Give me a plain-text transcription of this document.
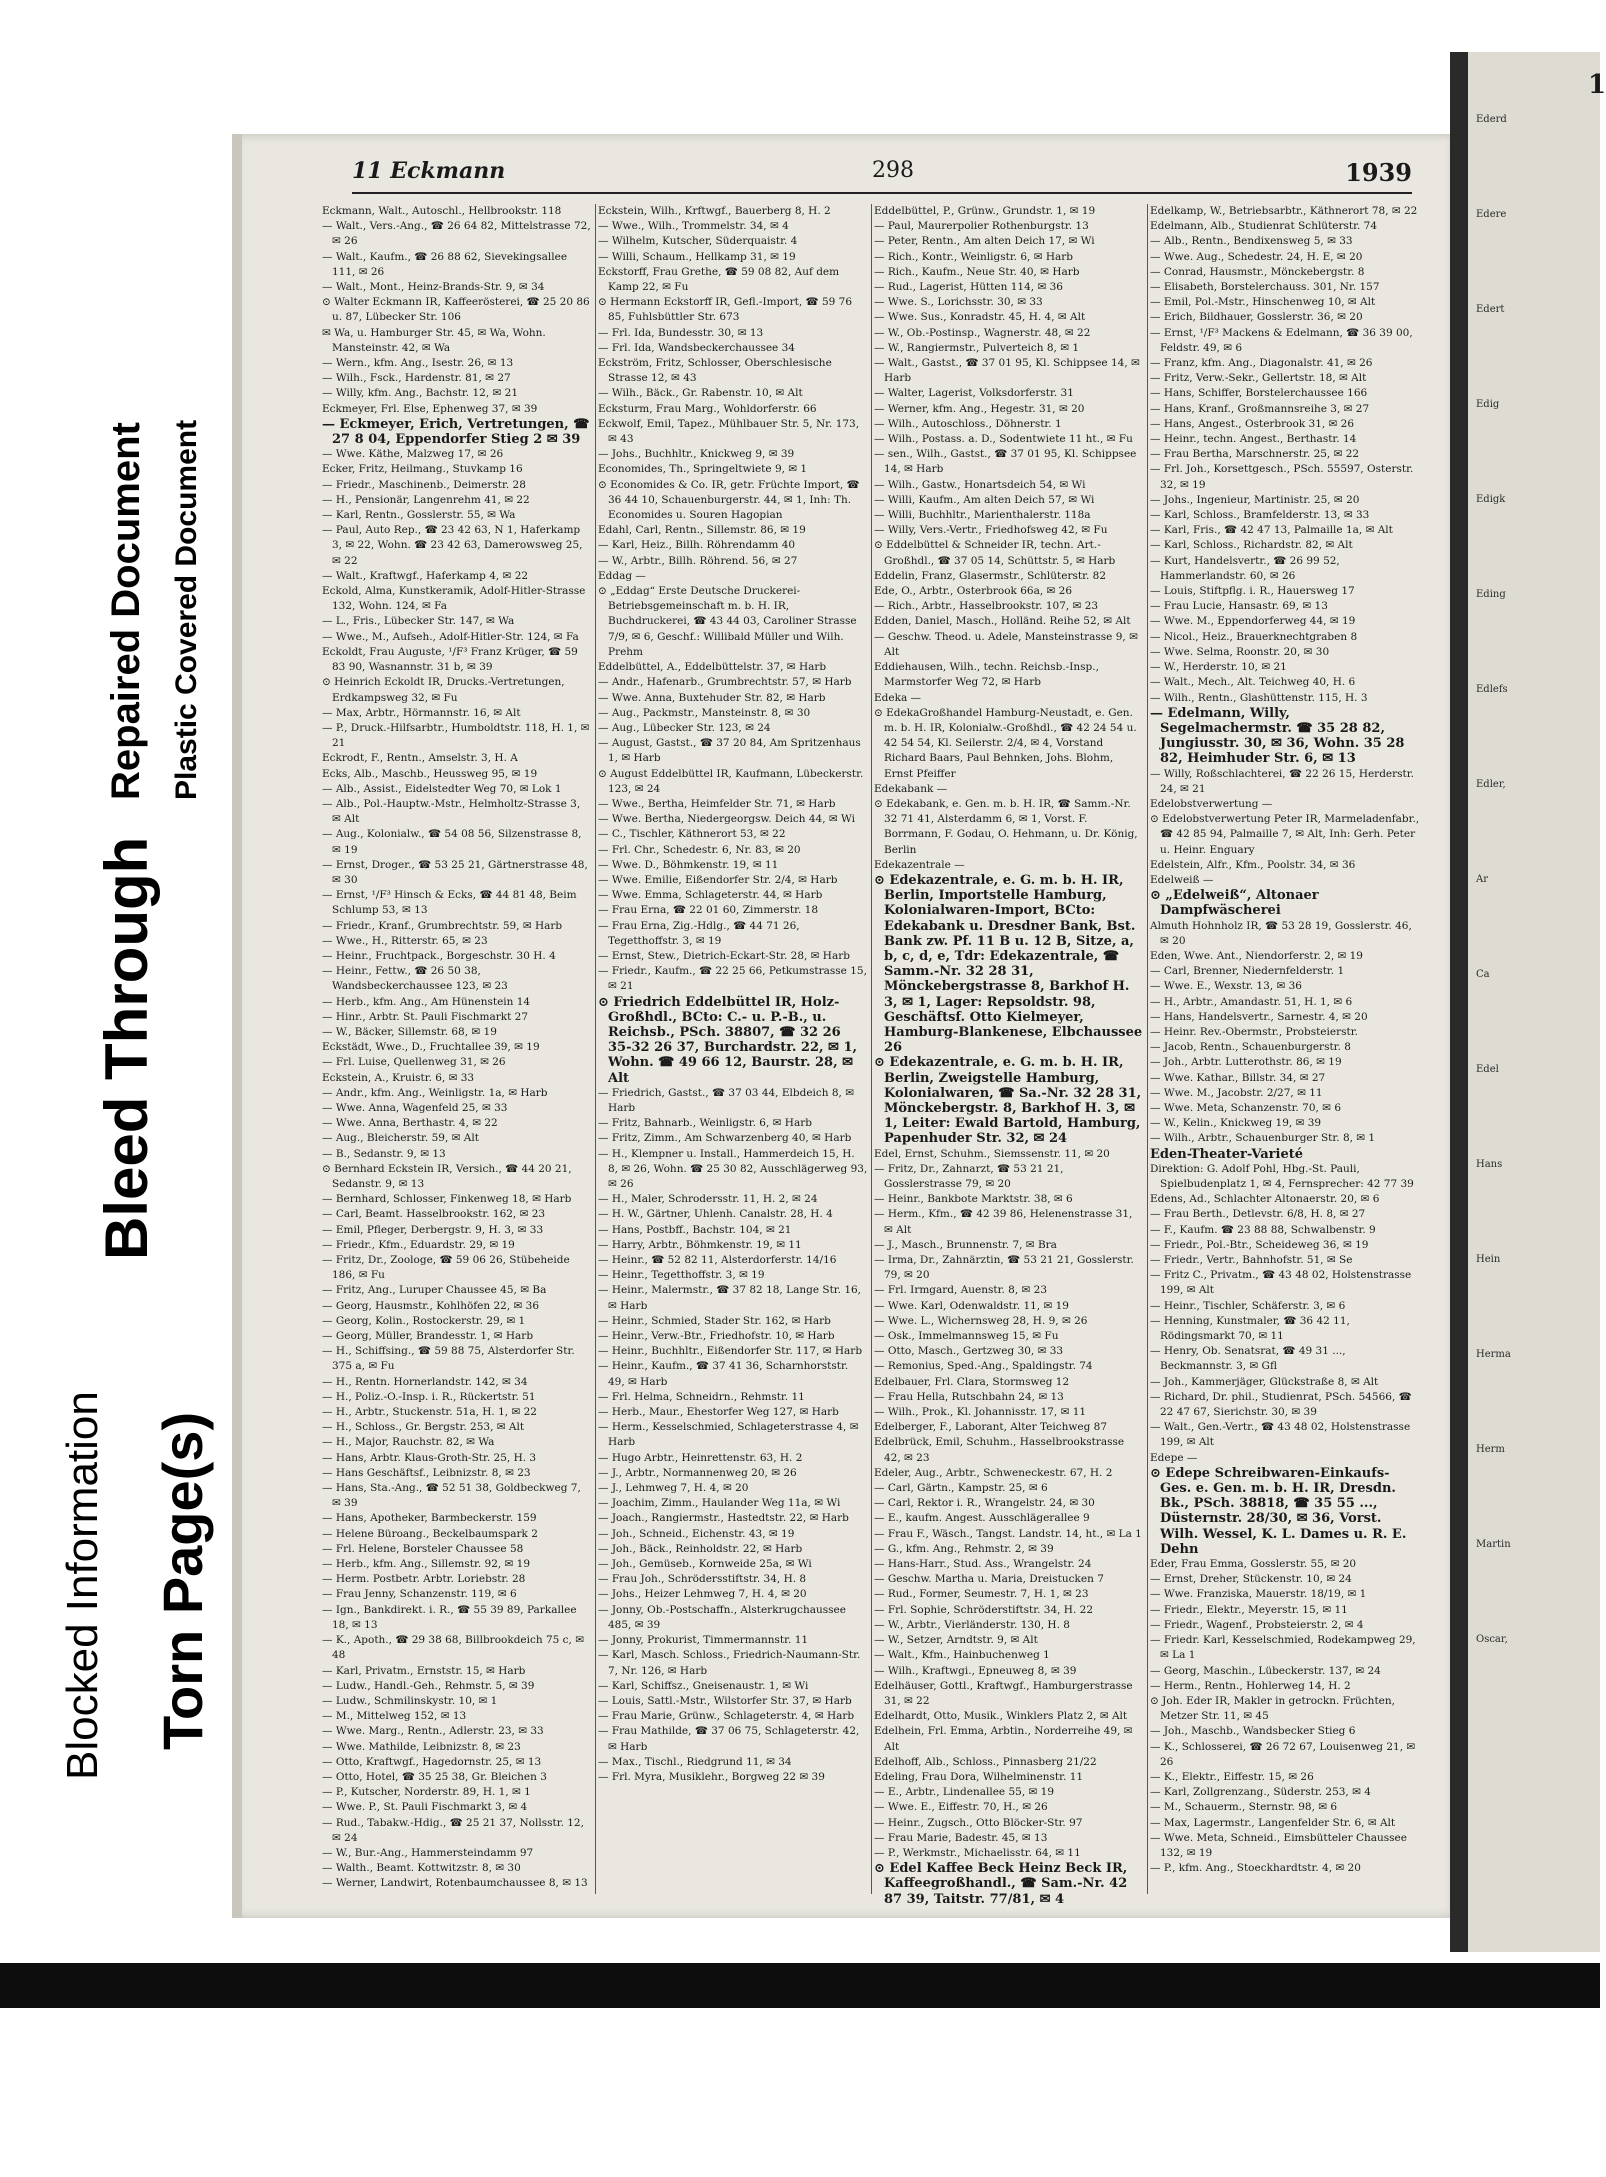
Blocked Information Torn Page(s)
Bleed Through
Repaired Document Plastic Covered Document
11 Eckmann	298	1939

Eckmann, Walt., Autoschl., Hellbrookstr. 118

— Walt., Vers.-Ang., ☎ 26 64 82, Mittelstrasse 72, ✉ 26

— Walt., Kaufm., ☎ 26 88 62, Sievekingsallee 111, ✉ 26

— Walt., Mont., Heinz-Brands-Str. 9, ✉ 34

⊙ Walter Eckmann IR, Kaffeerösterei, ☎ 25 20 86 u. 87, Lübecker Str. 106

✉ Wa, u. Hamburger Str. 45, ✉ Wa, Wohn. Mansteinstr. 42, ✉ Wa

— Wern., kfm. Ang., Isestr. 26, ✉ 13

— Wilh., Fsck., Hardenstr. 81, ✉ 27

— Willy, kfm. Ang., Bachstr. 12, ✉ 21

Eckmeyer, Frl. Else, Ephenweg 37, ✉ 39

— Eckmeyer, Erich, Vertretungen, ☎ 27 8 04, Eppendorfer Stieg 2 ✉ 39

— Wwe. Käthe, Malzweg 17, ✉ 26

Ecker, Fritz, Heilmang., Stuvkamp 16

— Friedr., Maschinenb., Deimerstr. 28

— H., Pensionär, Langenrehm 41, ✉ 22

— Karl, Rentn., Gosslerstr. 55, ✉ Wa

— Paul, Auto Rep., ☎ 23 42 63, N 1, Haferkamp 3, ✉ 22, Wohn. ☎ 23 42 63, Damerowsweg 25, ✉ 22

— Walt., Kraftwgf., Haferkamp 4, ✉ 22

Eckold, Alma, Kunstkeramik, Adolf-Hitler-Strasse 132, Wohn. 124, ✉ Fa

— L., Fris., Lübecker Str. 147, ✉ Wa

— Wwe., M., Aufseh., Adolf-Hitler-Str. 124, ✉ Fa

Eckoldt, Frau Auguste, ¹/F³ Franz Krüger, ☎ 59 83 90, Wasnannstr. 31 b, ✉ 39

⊙ Heinrich Eckoldt IR, Drucks.-Vertretungen, Erdkampsweg 32, ✉ Fu

— Max, Arbtr., Hörmannstr. 16, ✉ Alt

— P., Druck.-Hilfsarbtr., Humboldtstr. 118, H. 1, ✉ 21

Eckrodt, F., Rentn., Amselstr. 3, H. A

Ecks, Alb., Maschb., Heussweg 95, ✉ 19

— Alb., Assist., Eidelstedter Weg 70, ✉ Lok 1

— Alb., Pol.-Hauptw.-Mstr., Helmholtz-Strasse 3, ✉ Alt

— Aug., Kolonialw., ☎ 54 08 56, Silzenstrasse 8, ✉ 19

— Ernst, Droger., ☎ 53 25 21, Gärtnerstrasse 48, ✉ 30

— Ernst, ¹/F³ Hinsch & Ecks, ☎ 44 81 48, Beim Schlump 53, ✉ 13

— Friedr., Kranf., Grumbrechtstr. 59, ✉ Harb

— Wwe., H., Ritterstr. 65, ✉ 23

— Heinr., Fruchtpack., Borgeschstr. 30 H. 4

— Heinr., Fettw., ☎ 26 50 38, Wandsbeckerchaussee 123, ✉ 23

— Herb., kfm. Ang., Am Hünenstein 14

— Hinr., Arbtr. St. Pauli Fischmarkt 27

— W., Bäcker, Sillemstr. 68, ✉ 19

Eckstädt, Wwe., D., Fruchtallee 39, ✉ 19

— Frl. Luise, Quellenweg 31, ✉ 26

Eckstein, A., Kruistr. 6, ✉ 33

— Andr., kfm. Ang., Weinligstr. 1a, ✉ Harb

— Wwe. Anna, Wagenfeld 25, ✉ 33

— Wwe. Anna, Berthastr. 4, ✉ 22

— Aug., Bleicherstr. 59, ✉ Alt

— B., Sedanstr. 9, ✉ 13

⊙ Bernhard Eckstein IR, Versich., ☎ 44 20 21, Sedanstr. 9, ✉ 13

— Bernhard, Schlosser, Finkenweg 18, ✉ Harb

— Carl, Beamt. Hasselbrookstr. 162, ✉ 23

— Emil, Pfleger, Derbergstr. 9, H. 3, ✉ 33

— Friedr., Kfm., Eduardstr. 29, ✉ 19

— Fritz, Dr., Zoologe, ☎ 59 06 26, Stübeheide 186, ✉ Fu

— Fritz, Ang., Luruper Chaussee 45, ✉ Ba

— Georg, Hausmstr., Kohlhöfen 22, ✉ 36

— Georg, Kolin., Rostockerstr. 29, ✉ 1

— Georg, Müller, Brandesstr. 1, ✉ Harb

— H., Schiffsing., ☎ 59 88 75, Alsterdorfer Str. 375 a, ✉ Fu

— H., Rentn. Hornerlandstr. 142, ✉ 34

— H., Poliz.-O.-Insp. i. R., Rückertstr. 51

— H., Arbtr., Stuckenstr. 51a, H. 1, ✉ 22

— H., Schloss., Gr. Bergstr. 253, ✉ Alt

— H., Major, Rauchstr. 82, ✉ Wa

— Hans, Arbtr. Klaus-Groth-Str. 25, H. 3

— Hans Geschäftsf., Leibnizstr. 8, ✉ 23

— Hans, Sta.-Ang., ☎ 52 51 38, Goldbeckweg 7, ✉ 39

— Hans, Apotheker, Barmbeckerstr. 159

— Helene Büroang., Beckelbaumspark 2

— Frl. Helene, Borsteler Chaussee 58

— Herb., kfm. Ang., Sillemstr. 92, ✉ 19

— Herm. Postbetr. Arbtr. Loriebstr. 28

— Frau Jenny, Schanzenstr. 119, ✉ 6

— Ign., Bankdirekt. i. R., ☎ 55 39 89, Parkallee 18, ✉ 13

— K., Apoth., ☎ 29 38 68, Billbrookdeich 75 c, ✉ 48

— Karl, Privatm., Ernststr. 15, ✉ Harb

— Ludw., Handl.-Geh., Rehmstr. 5, ✉ 39

— Ludw., Schmilinskystr. 10, ✉ 1

— M., Mittelweg 152, ✉ 13

— Wwe. Marg., Rentn., Adlerstr. 23, ✉ 33

— Wwe. Mathilde, Leibnizstr. 8, ✉ 23

— Otto, Kraftwgf., Hagedornstr. 25, ✉ 13

— Otto, Hotel, ☎ 35 25 38, Gr. Bleichen 3

— P., Kutscher, Norderstr. 89, H. 1, ✉ 1

— Wwe. P., St. Pauli Fischmarkt 3, ✉ 4

— Rud., Tabakw.-Hdig., ☎ 25 21 37, Nollsstr. 12, ✉ 24

— W., Bur.-Ang., Hammersteindamm 97

— Walth., Beamt. Kottwitzstr. 8, ✉ 30

— Werner, Landwirt, Rotenbaumchaussee 8, ✉ 13

Eckstein, Wilh., Krftwgf., Bauerberg 8, H. 2

— Wwe., Wilh., Trommelstr. 34, ✉ 4

— Wilhelm, Kutscher, Süderquaistr. 4

— Willi, Schaum., Hellkamp 31, ✉ 19

Eckstorff, Frau Grethe, ☎ 59 08 82, Auf dem Kamp 22, ✉ Fu

⊙ Hermann Eckstorff IR, Gefl.-Import, ☎ 59 76 85, Fuhlsbüttler Str. 673

— Frl. Ida, Bundesstr. 30, ✉ 13

— Frl. Ida, Wandsbeckerchaussee 34

Eckström, Fritz, Schlosser, Oberschlesische Strasse 12, ✉ 43

— Wilh., Bäck., Gr. Rabenstr. 10, ✉ Alt

Ecksturm, Frau Marg., Wohldorferstr. 66

Eckwolf, Emil, Tapez., Mühlbauer Str. 5, Nr. 173, ✉ 43

— Johs., Buchhltr., Knickweg 9, ✉ 39

Economides, Th., Springeltwiete 9, ✉ 1

⊙ Economides & Co. IR, getr. Früchte Import, ☎ 36 44 10, Schauenburgerstr. 44, ✉ 1, Inh: Th. Economides u. Souren Hagopian

Edahl, Carl, Rentn., Sillemstr. 86, ✉ 19

— Karl, Heiz., Billh. Röhrendamm 40

— W., Arbtr., Billh. Röhrend. 56, ✉ 27

Eddag —

⊙ „Eddag“ Erste Deutsche Druckerei-Betriebsgemeinschaft m. b. H. IR, Buchdruckerei, ☎ 43 44 03, Caroliner Strasse 7/9, ✉ 6, Geschf.: Willibald Müller und Wilh. Prehm

Eddelbüttel, A., Eddelbüttelstr. 37, ✉ Harb

— Andr., Hafenarb., Grumbrechtstr. 57, ✉ Harb

— Wwe. Anna, Buxtehuder Str. 82, ✉ Harb

— Aug., Packmstr., Mansteinstr. 8, ✉ 30

— Aug., Lübecker Str. 123, ✉ 24

— August, Gastst., ☎ 37 20 84, Am Spritzenhaus 1, ✉ Harb

⊙ August Eddelbüttel IR, Kaufmann, Lübeckerstr. 123, ✉ 24

— Wwe., Bertha, Heimfelder Str. 71, ✉ Harb

— Wwe. Bertha, Niedergeorgsw. Deich 44, ✉ Wi

— C., Tischler, Käthnerort 53, ✉ 22

— Frl. Chr., Schedestr. 6, Nr. 83, ✉ 20

— Wwe. D., Böhmkenstr. 19, ✉ 11

— Wwe. Emilie, Eißendorfer Str. 2/4, ✉ Harb

— Wwe. Emma, Schlageterstr. 44, ✉ Harb

— Frau Erna, ☎ 22 01 60, Zimmerstr. 18

— Frau Erna, Zig.-Hdlg., ☎ 44 71 26, Tegetthoffstr. 3, ✉ 19

— Ernst, Stew., Dietrich-Eckart-Str. 28, ✉ Harb

— Friedr., Kaufm., ☎ 22 25 66, Petkumstrasse 15, ✉ 21

⊙ Friedrich Eddelbüttel IR, Holz-Großhdl., BCto: C.- u. P.-B., u. Reichsb., PSch. 38807, ☎ 32 26 35-32 26 37, Burchardstr. 22, ✉ 1, Wohn. ☎ 49 66 12, Baurstr. 28, ✉ Alt

— Friedrich, Gastst., ☎ 37 03 44, Elbdeich 8, ✉ Harb

— Fritz, Bahnarb., Weinligstr. 6, ✉ Harb

— Fritz, Zimm., Am Schwarzenberg 40, ✉ Harb

— H., Klempner u. Install., Hammerdeich 15, H. 8, ✉ 26, Wohn. ☎ 25 30 82, Ausschlägerweg 93, ✉ 26

— H., Maler, Schrodersstr. 11, H. 2, ✉ 24

— H. W., Gärtner, Uhlenh. Canalstr. 28, H. 4

— Hans, Postbff., Bachstr. 104, ✉ 21

— Harry, Arbtr., Böhmkenstr. 19, ✉ 11

— Heinr., ☎ 52 82 11, Alsterdorferstr. 14/16

— Heinr., Tegetthoffstr. 3, ✉ 19

— Heinr., Malermstr., ☎ 37 82 18, Lange Str. 16, ✉ Harb

— Heinr., Schmied, Stader Str. 162, ✉ Harb

— Heinr., Verw.-Btr., Friedhofstr. 10, ✉ Harb

— Heinr., Buchhltr., Eißendorfer Str. 117, ✉ Harb

— Heinr., Kaufm., ☎ 37 41 36, Scharnhorststr. 49, ✉ Harb

— Frl. Helma, Schneidrn., Rehmstr. 11

— Herb., Maur., Ehestorfer Weg 127, ✉ Harb

— Herm., Kesselschmied, Schlageterstrasse 4, ✉ Harb

— Hugo Arbtr., Heinrettenstr. 63, H. 2

— J., Arbtr., Normannenweg 20, ✉ 26

— J., Lehmweg 7, H. 4, ✉ 20

— Joachim, Zimm., Haulander Weg 11a, ✉ Wi

— Joach., Rangiermstr., Hastedtstr. 22, ✉ Harb

— Joh., Schneid., Eichenstr. 43, ✉ 19

— Joh., Bäck., Reinholdstr. 22, ✉ Harb

— Joh., Gemüseb., Kornweide 25a, ✉ Wi

— Frau Joh., Schrödersstiftstr. 34, H. 8

— Johs., Heizer Lehmweg 7, H. 4, ✉ 20

— Jonny, Ob.-Postschaffn., Alsterkrugchaussee 485, ✉ 39

— Jonny, Prokurist, Timmermannstr. 11

— Karl, Masch. Schloss., Friedrich-Naumann-Str. 7, Nr. 126, ✉ Harb

— Karl, Schiffsz., Gneisenaustr. 1, ✉ Wi

— Louis, Sattl.-Mstr., Wilstorfer Str. 37, ✉ Harb

— Frau Marie, Grünw., Schlageterstr. 4, ✉ Harb

— Frau Mathilde, ☎ 37 06 75, Schlageterstr. 42, ✉ Harb

— Max., Tischl., Riedgrund 11, ✉ 34

— Frl. Myra, Musiklehr., Borgweg 22 ✉ 39

Eddelbüttel, P., Grünw., Grundstr. 1, ✉ 19

— Paul, Maurerpolier Rothenburgstr. 13

— Peter, Rentn., Am alten Deich 17, ✉ Wi

— Rich., Kontr., Weinligstr. 6, ✉ Harb

— Rich., Kaufm., Neue Str. 40, ✉ Harb

— Rud., Lagerist, Hütten 114, ✉ 36

— Wwe. S., Lorichsstr. 30, ✉ 33

— Wwe. Sus., Konradstr. 45, H. 4, ✉ Alt

— W., Ob.-Postinsp., Wagnerstr. 48, ✉ 22

— W., Rangiermstr., Pulverteich 8, ✉ 1

— Walt., Gastst., ☎ 37 01 95, Kl. Schippsee 14, ✉ Harb

— Walter, Lagerist, Volksdorferstr. 31

— Werner, kfm. Ang., Hegestr. 31, ✉ 20

— Wilh., Autoschloss., Döhnerstr. 1

— Wilh., Postass. a. D., Sodentwiete 11 ht., ✉ Fu

— sen., Wilh., Gastst., ☎ 37 01 95, Kl. Schippsee 14, ✉ Harb

— Wilh., Gastw., Honartsdeich 54, ✉ Wi

— Willi, Kaufm., Am alten Deich 57, ✉ Wi

— Willi, Buchhltr., Marienthalerstr. 118a

— Willy, Vers.-Vertr., Friedhofsweg 42, ✉ Fu

⊙ Eddelbüttel & Schneider IR, techn. Art.-Großhdl., ☎ 37 05 14, Schüttstr. 5, ✉ Harb

Eddelin, Franz, Glasermstr., Schlüterstr. 82

Ede, O., Arbtr., Osterbrook 66a, ✉ 26

— Rich., Arbtr., Hasselbrookstr. 107, ✉ 23

Edden, Daniel, Masch., Holländ. Reihe 52, ✉ Alt

— Geschw. Theod. u. Adele, Mansteinstrasse 9, ✉ Alt

Eddiehausen, Wilh., techn. Reichsb.-Insp., Marmstorfer Weg 72, ✉ Harb

Edeka —

⊙ EdekaGroßhandel Hamburg-Neustadt, e. Gen. m. b. H. IR, Kolonialw.-Großhdl., ☎ 42 24 54 u. 42 54 54, Kl. Seilerstr. 2/4, ✉ 4, Vorstand Richard Baars, Paul Behnken, Johs. Blohm, Ernst Pfeiffer

Edekabank —

⊙ Edekabank, e. Gen. m. b. H. IR, ☎ Samm.-Nr. 32 71 41, Alsterdamm 6, ✉ 1, Vorst. F. Borrmann, F. Godau, O. Hehmann, u. Dr. König, Berlin

Edekazentrale —

⊙ Edekazentrale, e. G. m. b. H. IR, Berlin, Importstelle Hamburg, Kolonialwaren-Import, BCto: Edekabank u. Dresdner Bank, Bst. Bank zw. Pf. 11 B u. 12 B, Sitze, a, b, c, d, e, Tdr: Edekazentrale, ☎ Samm.-Nr. 32 28 31, Mönckebergstrasse 8, Barkhof H. 3, ✉ 1, Lager: Repsoldstr. 98, Geschäftsf. Otto Kielmeyer, Hamburg-Blankenese, Elbchaussee 26

⊙ Edekazentrale, e. G. m. b. H. IR, Berlin, Zweigstelle Hamburg, Kolonialwaren, ☎ Sa.-Nr. 32 28 31, Mönckebergstr. 8, Barkhof H. 3, ✉ 1, Leiter: Ewald Bartold, Hamburg, Papenhuder Str. 32, ✉ 24

Edel, Ernst, Schuhm., Siemssenstr. 11, ✉ 20

— Fritz, Dr., Zahnarzt, ☎ 53 21 21, Gosslerstrasse 79, ✉ 20

— Heinr., Bankbote Marktstr. 38, ✉ 6

— Herm., Kfm., ☎ 42 39 86, Helenenstrasse 31, ✉ Alt

— J., Masch., Brunnenstr. 7, ✉ Bra

— Irma, Dr., Zahnärztin, ☎ 53 21 21, Gosslerstr. 79, ✉ 20

— Frl. Irmgard, Auenstr. 8, ✉ 23

— Wwe. Karl, Odenwaldstr. 11, ✉ 19

— Wwe. L., Wichernsweg 28, H. 9, ✉ 26

— Osk., Immelmannsweg 15, ✉ Fu

— Otto, Masch., Gertzweg 30, ✉ 33

— Remonius, Sped.-Ang., Spaldingstr. 74

Edelbauer, Frl. Clara, Stormsweg 12

— Frau Hella, Rutschbahn 24, ✉ 13

— Wilh., Prok., Kl. Johannisstr. 17, ✉ 11

Edelberger, F., Laborant, Alter Teichweg 87

Edelbrück, Emil, Schuhm., Hasselbrookstrasse 42, ✉ 23

Edeler, Aug., Arbtr., Schweneckestr. 67, H. 2

— Carl, Gärtn., Kampstr. 25, ✉ 6

— Carl, Rektor i. R., Wrangelstr. 24, ✉ 30

— E., kaufm. Angest. Ausschlägerallee 9

— Frau F., Wäsch., Tangst. Landstr. 14, ht., ✉ La 1

— G., kfm. Ang., Rehmstr. 2, ✉ 39

— Hans-Harr., Stud. Ass., Wrangelstr. 24

— Geschw. Martha u. Maria, Dreistucken 7

— Rud., Former, Seumestr. 7, H. 1, ✉ 23

— Frl. Sophie, Schröderstiftstr. 34, H. 22

— W., Arbtr., Vierländerstr. 130, H. 8

— W., Setzer, Arndtstr. 9, ✉ Alt

— Walt., Kfm., Hainbuchenweg 1

— Wilh., Kraftwgi., Epneuweg 8, ✉ 39

Edelhäuser, Gottl., Kraftwgf., Hamburgerstrasse 31, ✉ 22

Edelhardt, Otto, Musik., Winklers Platz 2, ✉ Alt

Edelhein, Frl. Emma, Arbtin., Norderreihe 49, ✉ Alt

Edelhoff, Alb., Schloss., Pinnasberg 21/22

Edeling, Frau Dora, Wilhelminenstr. 11

— E., Arbtr., Lindenallee 55, ✉ 19

— Wwe. E., Eiffestr. 70, H., ✉ 26

— Heinr., Zugsch., Otto Blöcker-Str. 97

— Frau Marie, Badestr. 45, ✉ 13

— P., Werkmstr., Michaelisstr. 64, ✉ 11

⊙ Edel Kaffee Beck Heinz Beck IR, Kaffeegroßhandl., ☎ Sam.-Nr. 42 87 39, Taitstr. 77/81, ✉ 4

Edelkamp, W., Betriebsarbtr., Käthnerort 78, ✉ 22

Edelmann, Alb., Studienrat Schlüterstr. 74

— Alb., Rentn., Bendixensweg 5, ✉ 33

— Wwe. Aug., Schedestr. 24, H. E, ✉ 20

— Conrad, Hausmstr., Mönckebergstr. 8

— Elisabeth, Borstelerchauss. 301, Nr. 157

— Emil, Pol.-Mstr., Hinschenweg 10, ✉ Alt

— Erich, Bildhauer, Gosslerstr. 36, ✉ 20

— Ernst, ¹/F³ Mackens & Edelmann, ☎ 36 39 00, Feldstr. 49, ✉ 6

— Franz, kfm. Ang., Diagonalstr. 41, ✉ 26

— Fritz, Verw.-Sekr., Gellertstr. 18, ✉ Alt

— Hans, Schiffer, Borstelerchaussee 166

— Hans, Kranf., Großmannsreihe 3, ✉ 27

— Hans, Angest., Osterbrook 31, ✉ 26

— Heinr., techn. Angest., Berthastr. 14

— Frau Bertha, Marschnerstr. 25, ✉ 22

— Frl. Joh., Korsettgesch., PSch. 55597, Osterstr. 32, ✉ 19

— Johs., Ingenieur, Martinistr. 25, ✉ 20

— Karl, Schloss., Bramfelderstr. 13, ✉ 33

— Karl, Fris., ☎ 42 47 13, Palmaille 1a, ✉ Alt

— Karl, Schloss., Richardstr. 82, ✉ Alt

— Kurt, Handelsvertr., ☎ 26 99 52, Hammerlandstr. 60, ✉ 26

— Louis, Stiftpflg. i. R., Hauersweg 17

— Frau Lucie, Hansastr. 69, ✉ 13

— Wwe. M., Eppendorferweg 44, ✉ 19

— Nicol., Heiz., Brauerknechtgraben 8

— Wwe. Selma, Roonstr. 20, ✉ 30

— W., Herderstr. 10, ✉ 21

— Walt., Mech., Alt. Teichweg 40, H. 6

— Wilh., Rentn., Glashüttenstr. 115, H. 3

— Edelmann, Willy, Segelmachermstr. ☎ 35 28 82, Jungiusstr. 30, ✉ 36, Wohn. 35 28 82, Heimhuder Str. 6, ✉ 13

— Willy, Roßschlachterei, ☎ 22 26 15, Herderstr. 24, ✉ 21

Edelobstverwertung —

⊙ Edelobstverwertung Peter IR, Marmeladenfabr., ☎ 42 85 94, Palmaille 7, ✉ Alt, Inh: Gerh. Peter u. Heinr. Enguary

Edelstein, Alfr., Kfm., Poolstr. 34, ✉ 36

Edelweiß —

⊙ „Edelweiß“, Altonaer Dampfwäscherei

Almuth Hohnholz IR, ☎ 53 28 19, Gosslerstr. 46, ✉ 20

Eden, Wwe. Ant., Niendorferstr. 2, ✉ 19

— Carl, Brenner, Niedernfelderstr. 1

— Wwe. E., Wexstr. 13, ✉ 36

— H., Arbtr., Amandastr. 51, H. 1, ✉ 6

— Hans, Handelsvertr., Sarnestr. 4, ✉ 20

— Heinr. Rev.-Obermstr., Probsteierstr.

— Jacob, Rentn., Schauenburgerstr. 8

— Joh., Arbtr. Lutterothstr. 86, ✉ 19

— Wwe. Kathar., Billstr. 34, ✉ 27

— Wwe. M., Jacobstr. 2/27, ✉ 11

— Wwe. Meta, Schanzenstr. 70, ✉ 6

— W., Kelin., Knickweg 19, ✉ 39

— Wilh., Arbtr., Schauenburger Str. 8, ✉ 1

Eden-Theater-Varieté

Direktion: G. Adolf Pohl, Hbg.-St. Pauli, Spielbudenplatz 1, ✉ 4, Fernsprecher: 42 77 39

Edens, Ad., Schlachter Altonaerstr. 20, ✉ 6

— Frau Berth., Detlevstr. 6/8, H. 8, ✉ 27

— F., Kaufm. ☎ 23 88 88, Schwalbenstr. 9

— Friedr., Pol.-Btr., Scheideweg 36, ✉ 19

— Friedr., Vertr., Bahnhofstr. 51, ✉ Se

— Fritz C., Privatm., ☎ 43 48 02, Holstenstrasse 199, ✉ Alt

— Heinr., Tischler, Schäferstr. 3, ✉ 6

— Henning, Kunstmaler, ☎ 36 42 11, Rödingsmarkt 70, ✉ 11

— Henry, Ob. Senatsrat, ☎ 49 31 ..., Beckmannstr. 3, ✉ Gfl

— Joh., Kammerjäger, Glückstraße 8, ✉ Alt

— Richard, Dr. phil., Studienrat, PSch. 54566, ☎ 22 47 67, Sierichstr. 30, ✉ 39

— Walt., Gen.-Vertr., ☎ 43 48 02, Holstenstrasse 199, ✉ Alt

Edepe —

⊙ Edepe Schreibwaren-Einkaufs-Ges. e. Gen. m. b. H. IR, Dresdn. Bk., PSch. 38818, ☎ 35 55 ..., Düsternstr. 28/30, ✉ 36, Vorst. Wilh. Wessel, K. L. Dames u. R. E. Dehn

Eder, Frau Emma, Gosslerstr. 55, ✉ 20

— Ernst, Dreher, Stückenstr. 10, ✉ 24

— Wwe. Franziska, Mauerstr. 18/19, ✉ 1

— Friedr., Elektr., Meyerstr. 15, ✉ 11

— Friedr., Wagenf., Probsteierstr. 2, ✉ 4

— Friedr. Karl, Kesselschmied, Rodekampweg 29, ✉ La 1

— Georg, Maschin., Lübeckerstr. 137, ✉ 24

— Herm., Rentn., Hohlerweg 14, H. 2

⊙ Joh. Eder IR, Makler in getrockn. Früchten, Metzer Str. 11, ✉ 45

— Joh., Maschb., Wandsbecker Stieg 6

— K., Schlosserei, ☎ 26 72 67, Louisenweg 21, ✉ 26

— K., Elektr., Eiffestr. 15, ✉ 26

— Karl, Zollgrenzang., Süderstr. 253, ✉ 4

— M., Schauerm., Sternstr. 98, ✉ 6

— Max, Lagermstr., Langenfelder Str. 6, ✉ Alt

— Wwe. Meta, Schneid., Eimsbütteler Chaussee 132, ✉ 19

— P., kfm. Ang., Stoeckhardtstr. 4, ✉ 20

1
Ederd
Edere
Edert
Edig
Edigk
Eding
Edlefs
Edler,
Ar
Ca
Edel
Hans
Hein
Herma
Herm
Martin
Oscar,
